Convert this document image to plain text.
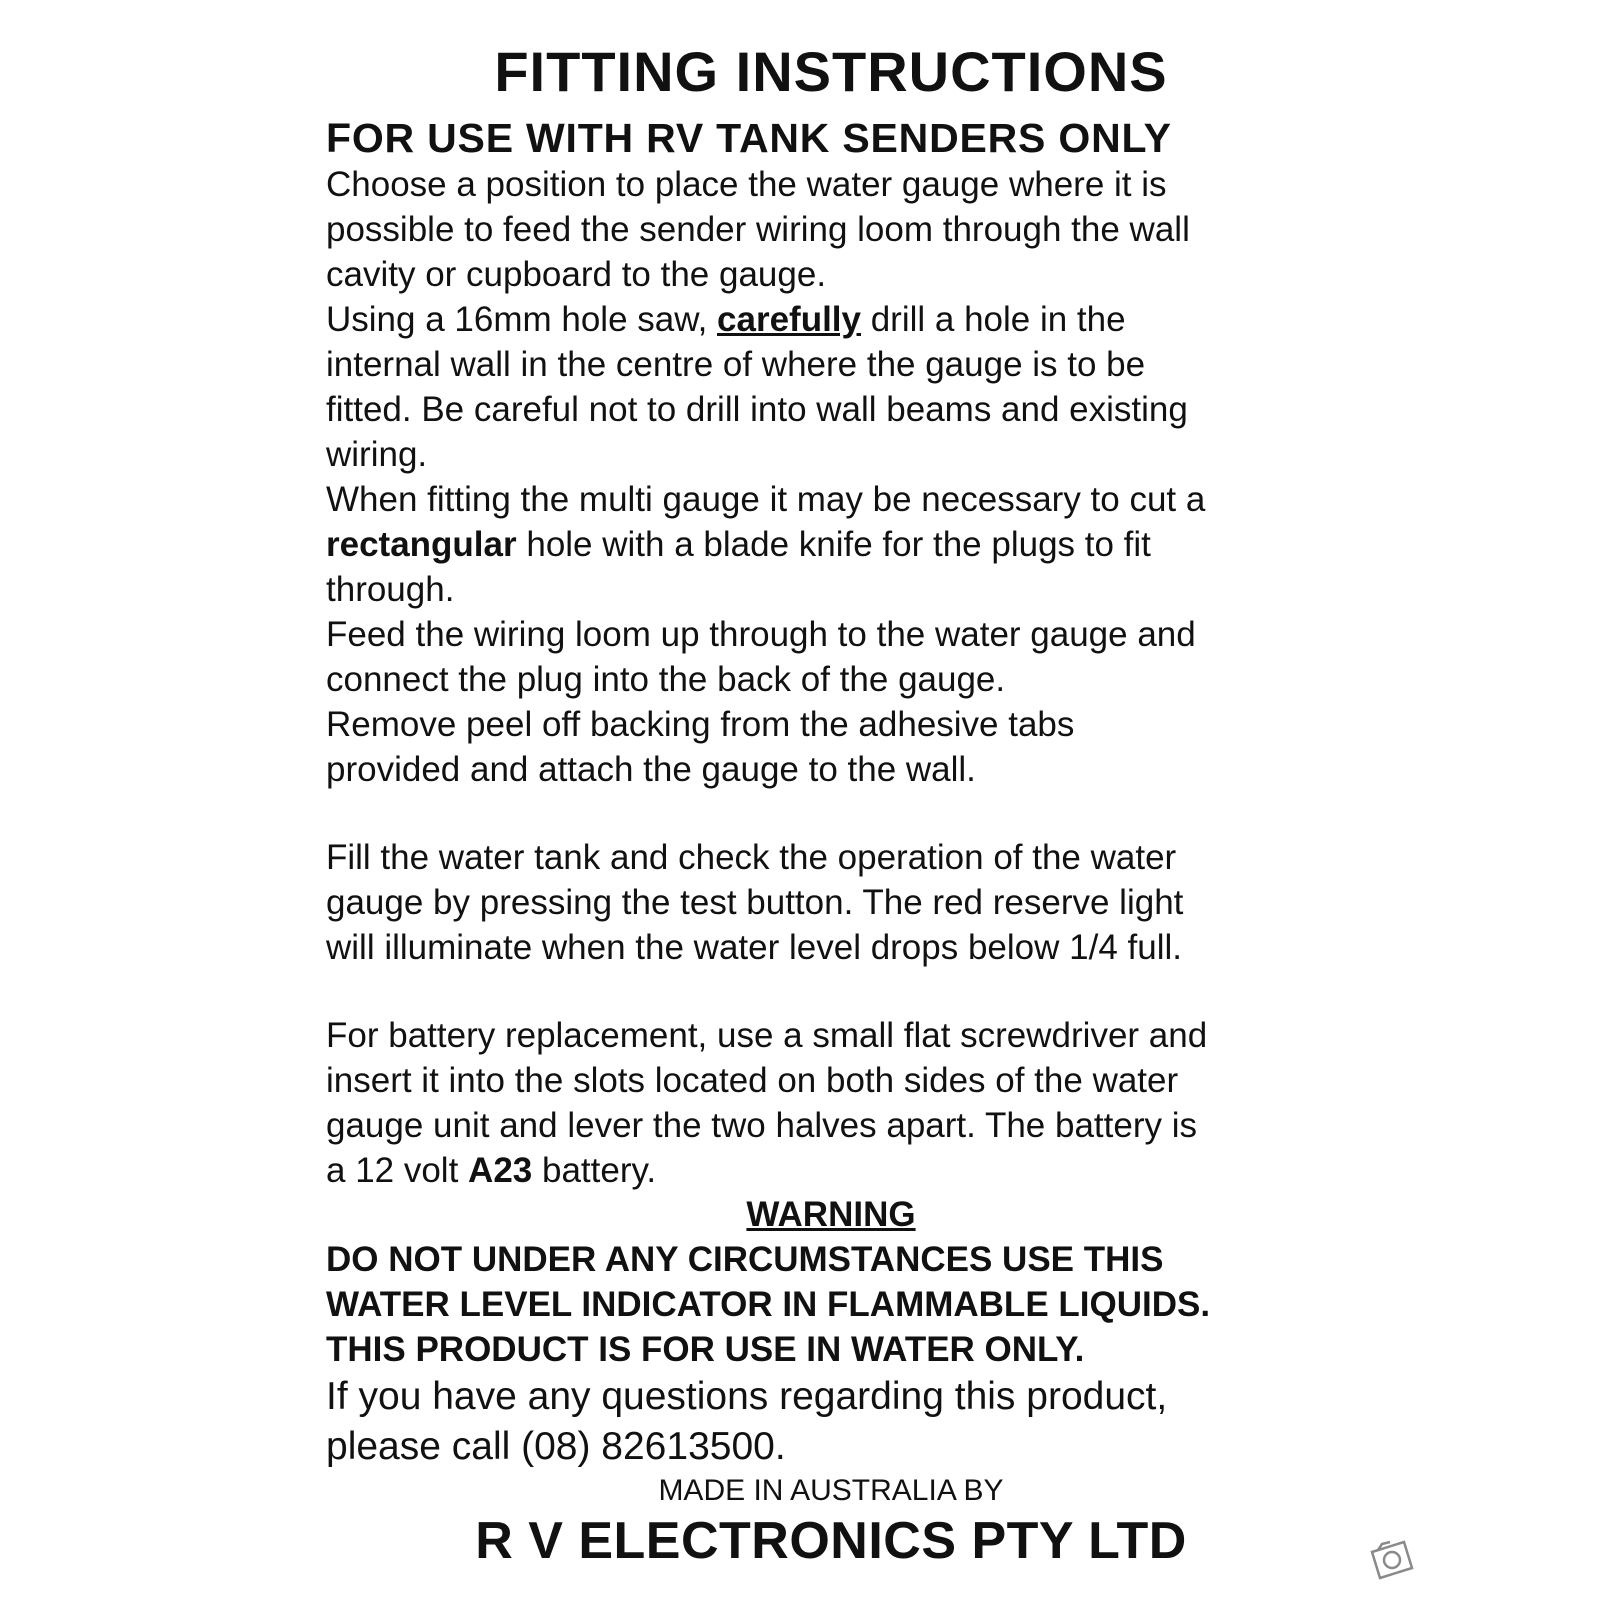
FITTING INSTRUCTIONS
FOR USE WITH RV TANK SENDERS ONLY
Choose a position to place the water gauge where it is
possible to feed the sender wiring loom through the wall
cavity or cupboard to the gauge.
Using a 16mm hole saw, carefully drill a hole in the
internal wall in the centre of where the gauge is to be
fitted. Be careful not to drill into wall beams and existing
wiring.
When fitting the multi gauge it may be necessary to cut a
rectangular hole with a blade knife for the plugs to fit
through.
Feed the wiring loom up through to the water gauge and
connect the plug into the back of the gauge.
Remove peel off backing from the adhesive tabs
provided and attach the gauge to the wall.
Fill the water tank and check the operation of the water
gauge by pressing the test button. The red reserve light
will illuminate when the water level drops below 1/4 full.
For battery replacement, use a small flat screwdriver and
insert it into the slots located on both sides of the water
gauge unit and lever the two halves apart. The battery is
a 12 volt A23 battery.
WARNING
DO NOT UNDER ANY CIRCUMSTANCES USE THIS
WATER LEVEL INDICATOR IN FLAMMABLE LIQUIDS.
THIS PRODUCT IS FOR USE IN WATER ONLY.
If you have any questions regarding this product,
please call (08) 82613500.
MADE IN AUSTRALIA BY
R V ELECTRONICS PTY LTD
